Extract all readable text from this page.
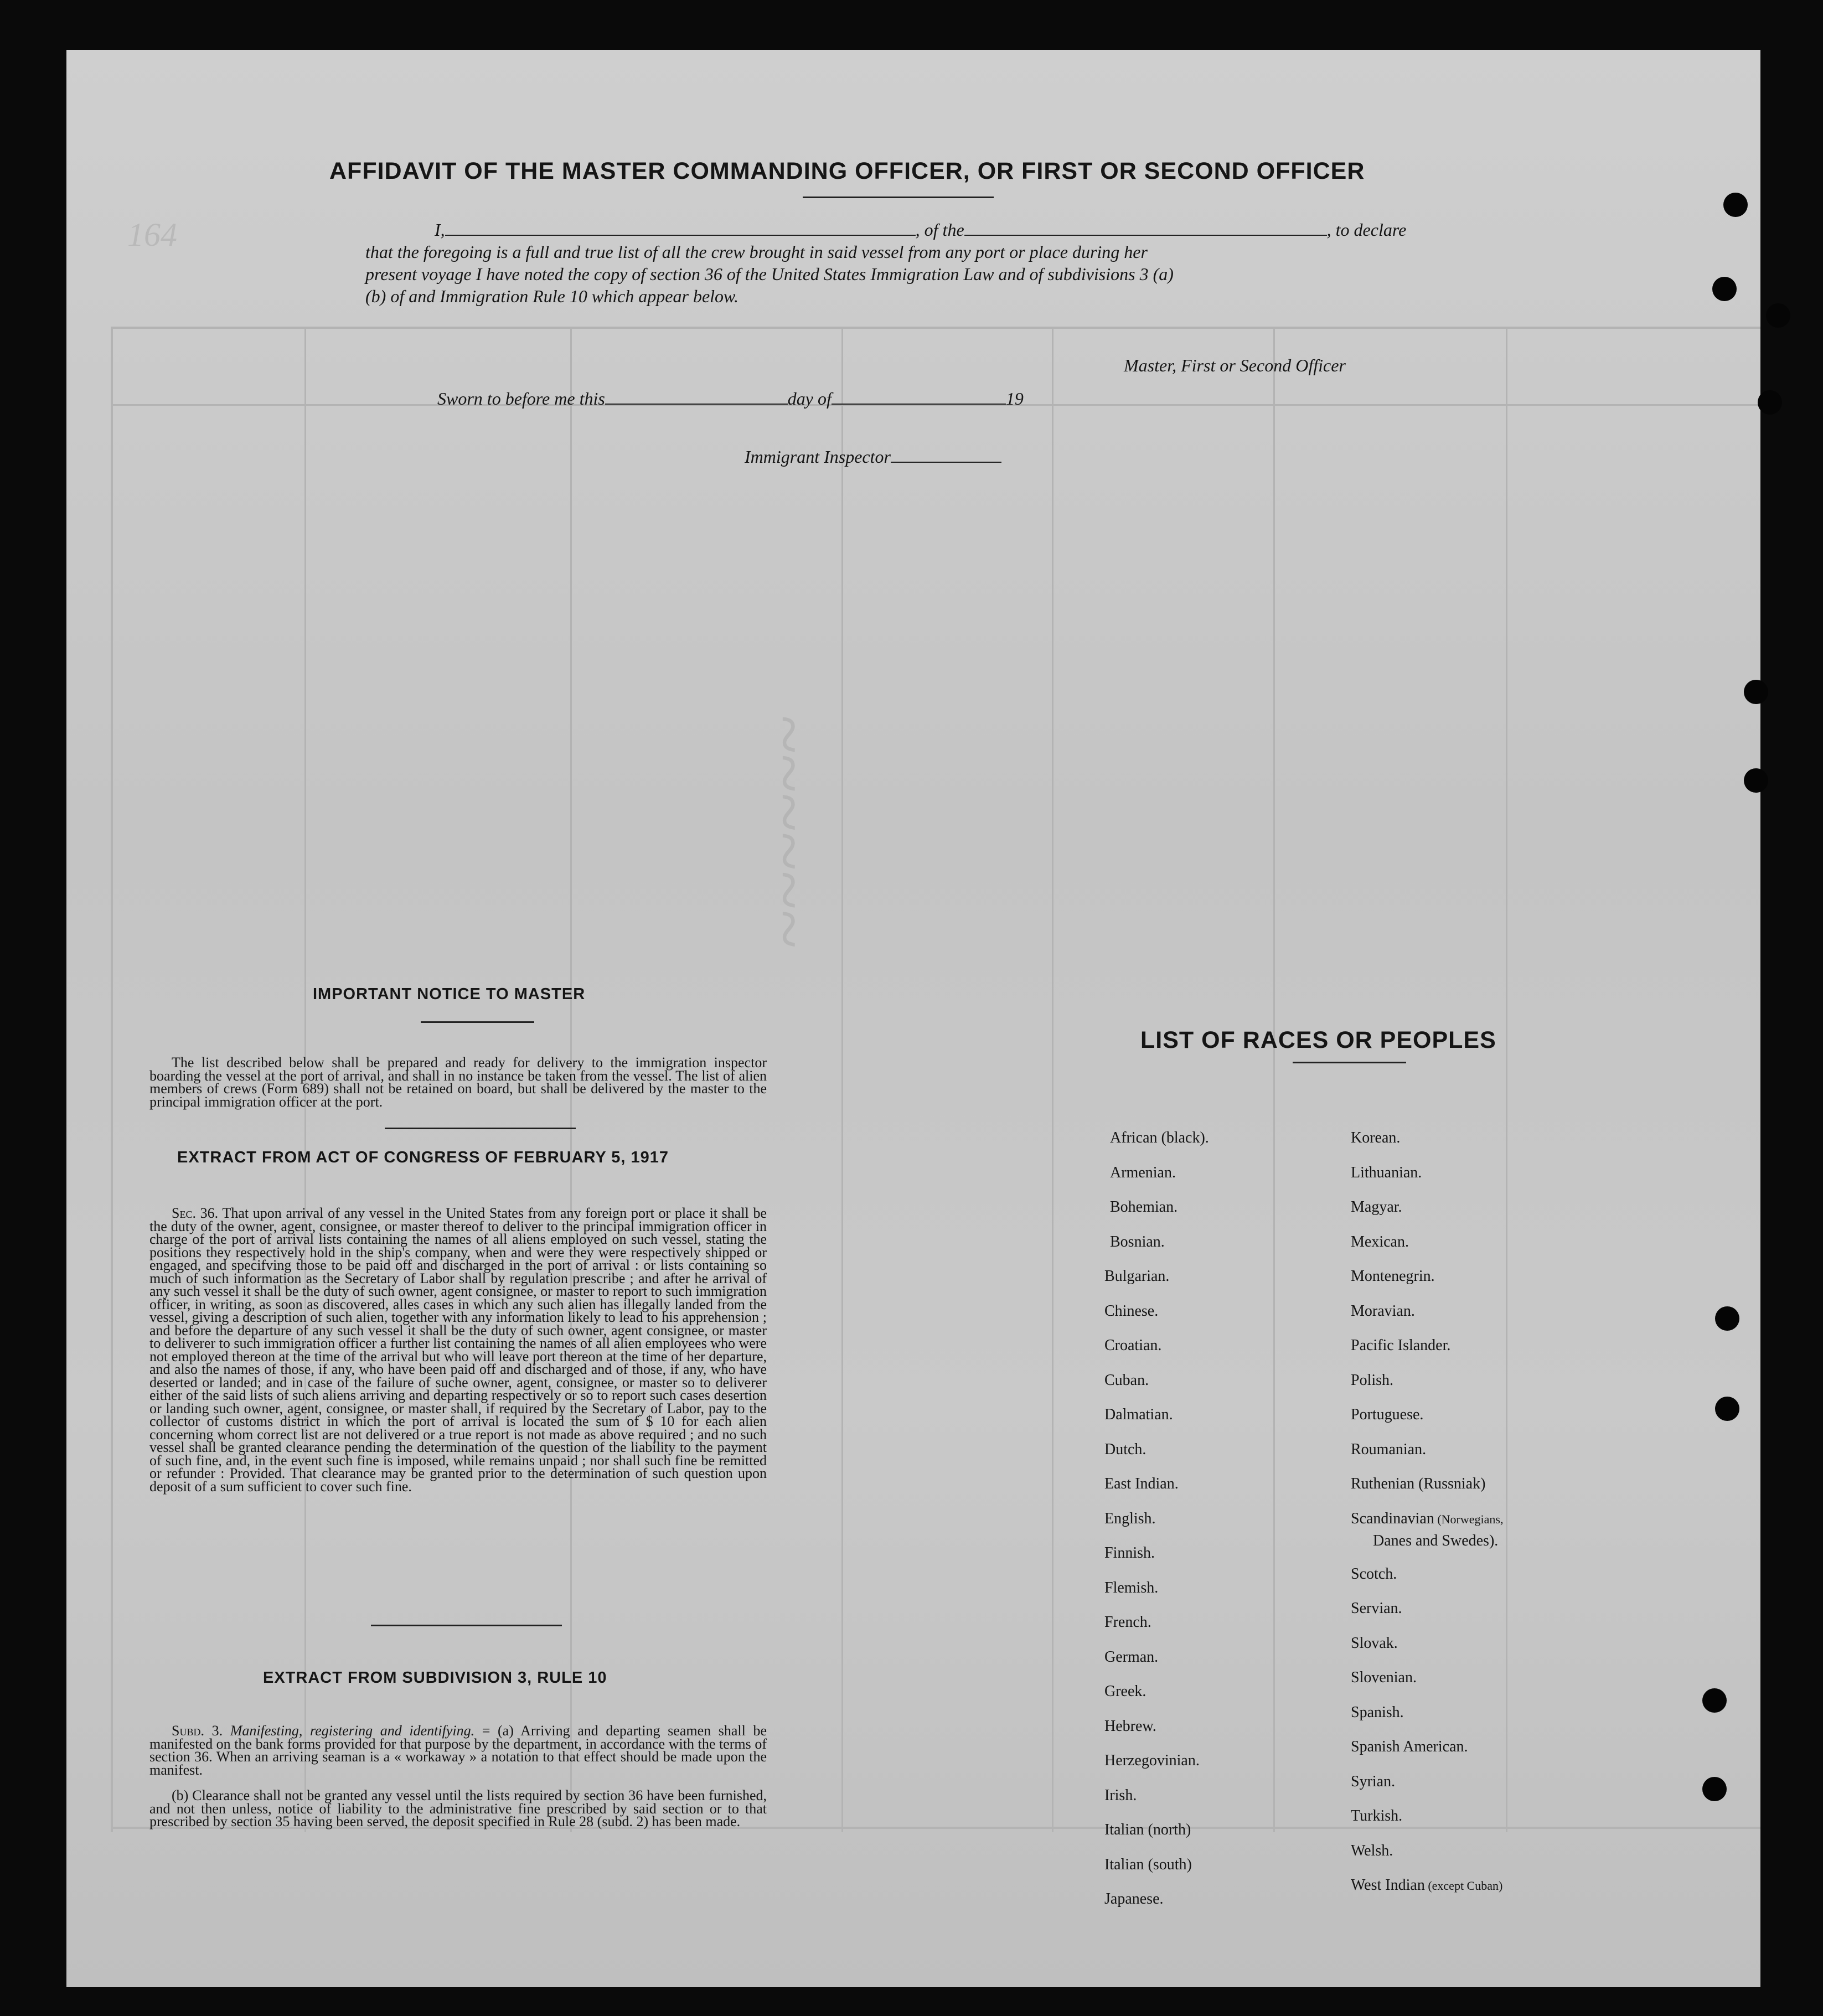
~~~~~~
164
AFFIDAVIT OF THE MASTER COMMANDING OFFICER, OR FIRST OR SECOND OFFICER
I,	, of the	, to declare
that the foregoing is a full and true list of all the crew brought in said vessel from any port or place during her
present voyage I have noted the copy of section 36 of the United States Immigration Law and of subdivisions 3 (a)
(b) of and Immigration Rule 10 which appear below.
Master, First or Second Officer
Sworn to before me this	day of	19
Immigrant Inspector
IMPORTANT NOTICE TO MASTER
The list described below shall be prepared and ready for delivery to the immigration inspector boarding the vessel at the port of arrival, and shall in no instance be taken from the vessel. The list of alien members of crews (Form 689) shall not be retained on board, but shall be delivered by the master to the principal immigration officer at the port.
EXTRACT FROM ACT OF CONGRESS OF FEBRUARY 5, 1917
Sec. 36. That upon arrival of any vessel in the United States from any foreign port or place it shall be the duty of the owner, agent, consignee, or master thereof to deliver to the principal immigration officer in charge of the port of arrival lists containing the names of all aliens employed on such vessel, stating the positions they respectively hold in the ship's company, when and were they were respectively shipped or engaged, and specifving those to be paid off and discharged in the port of arrival : or lists containing so much of such information as the Secretary of Labor shall by regulation prescribe ; and after he arrival of any such vessel it shall be the duty of such owner, agent consignee, or master to report to such immigration officer, in writing, as soon as discovered, alles cases in which any such alien has illegally landed from the vessel, giving a description of such alien, together with any information likely to lead to his apprehension ; and before the departure of any such vessel it shall be the duty of such owner, agent consignee, or master to deliverer to such immigration officer a further list containing the names of all alien employees who were not employed thereon at the time of the arrival but who will leave port thereon at the time of her departure, and also the names of those, if any, who have been paid off and discharged and of those, if any, who have deserted or landed; and in case of the failure of suche owner, agent, consignee, or master so to deliverer either of the said lists of such aliens arriving and departing respectively or so to report such cases desertion or landing such owner, agent, consignee, or master shall, if required by the Secretary of Labor, pay to the collector of customs district in which the port of arrival is located the sum of $ 10 for each alien concerning whom correct list are not delivered or a true report is not made as above required ; and no such vessel shall be granted clearance pending the determination of the question of the liability to the payment of such fine, and, in the event such fine is imposed, while remains unpaid ; nor shall such fine be remitted or refunder : Provided. That clearance may be granted prior to the determination of such question upon deposit of a sum sufficient to cover such fine.
EXTRACT FROM SUBDIVISION 3, RULE 10
Subd. 3. Manifesting, registering and identifying. = (a) Arriving and departing seamen shall be manifested on the bank forms provided for that purpose by the department, in accordance with the terms of section 36. When an arriving seaman is a « workaway » a notation to that effect should be made upon the manifest.
(b) Clearance shall not be granted any vessel until the lists required by section 36 have been furnished, and not then unless, notice of liability to the administrative fine prescribed by said section or to that prescribed by section 35 having been served, the deposit specified in Rule 28 (subd. 2) has been made.
LIST OF RACES OR PEOPLES
African (black).
Armenian.
Bohemian.
Bosnian.
Bulgarian.
Chinese.
Croatian.
Cuban.
Dalmatian.
Dutch.
East Indian.
English.
Finnish.
Flemish.
French.
German.
Greek.
Hebrew.
Herzegovinian.
Irish.
Italian (north)
Italian (south)
Japanese.
Korean.
Lithuanian.
Magyar.
Mexican.
Montenegrin.
Moravian.
Pacific Islander.
Polish.
Portuguese.
Roumanian.
Ruthenian (Russniak)
Scandinavian (Norwegians,
Danes and Swedes).
Scotch.
Servian.
Slovak.
Slovenian.
Spanish.
Spanish American.
Syrian.
Turkish.
Welsh.
West Indian (except Cuban)
